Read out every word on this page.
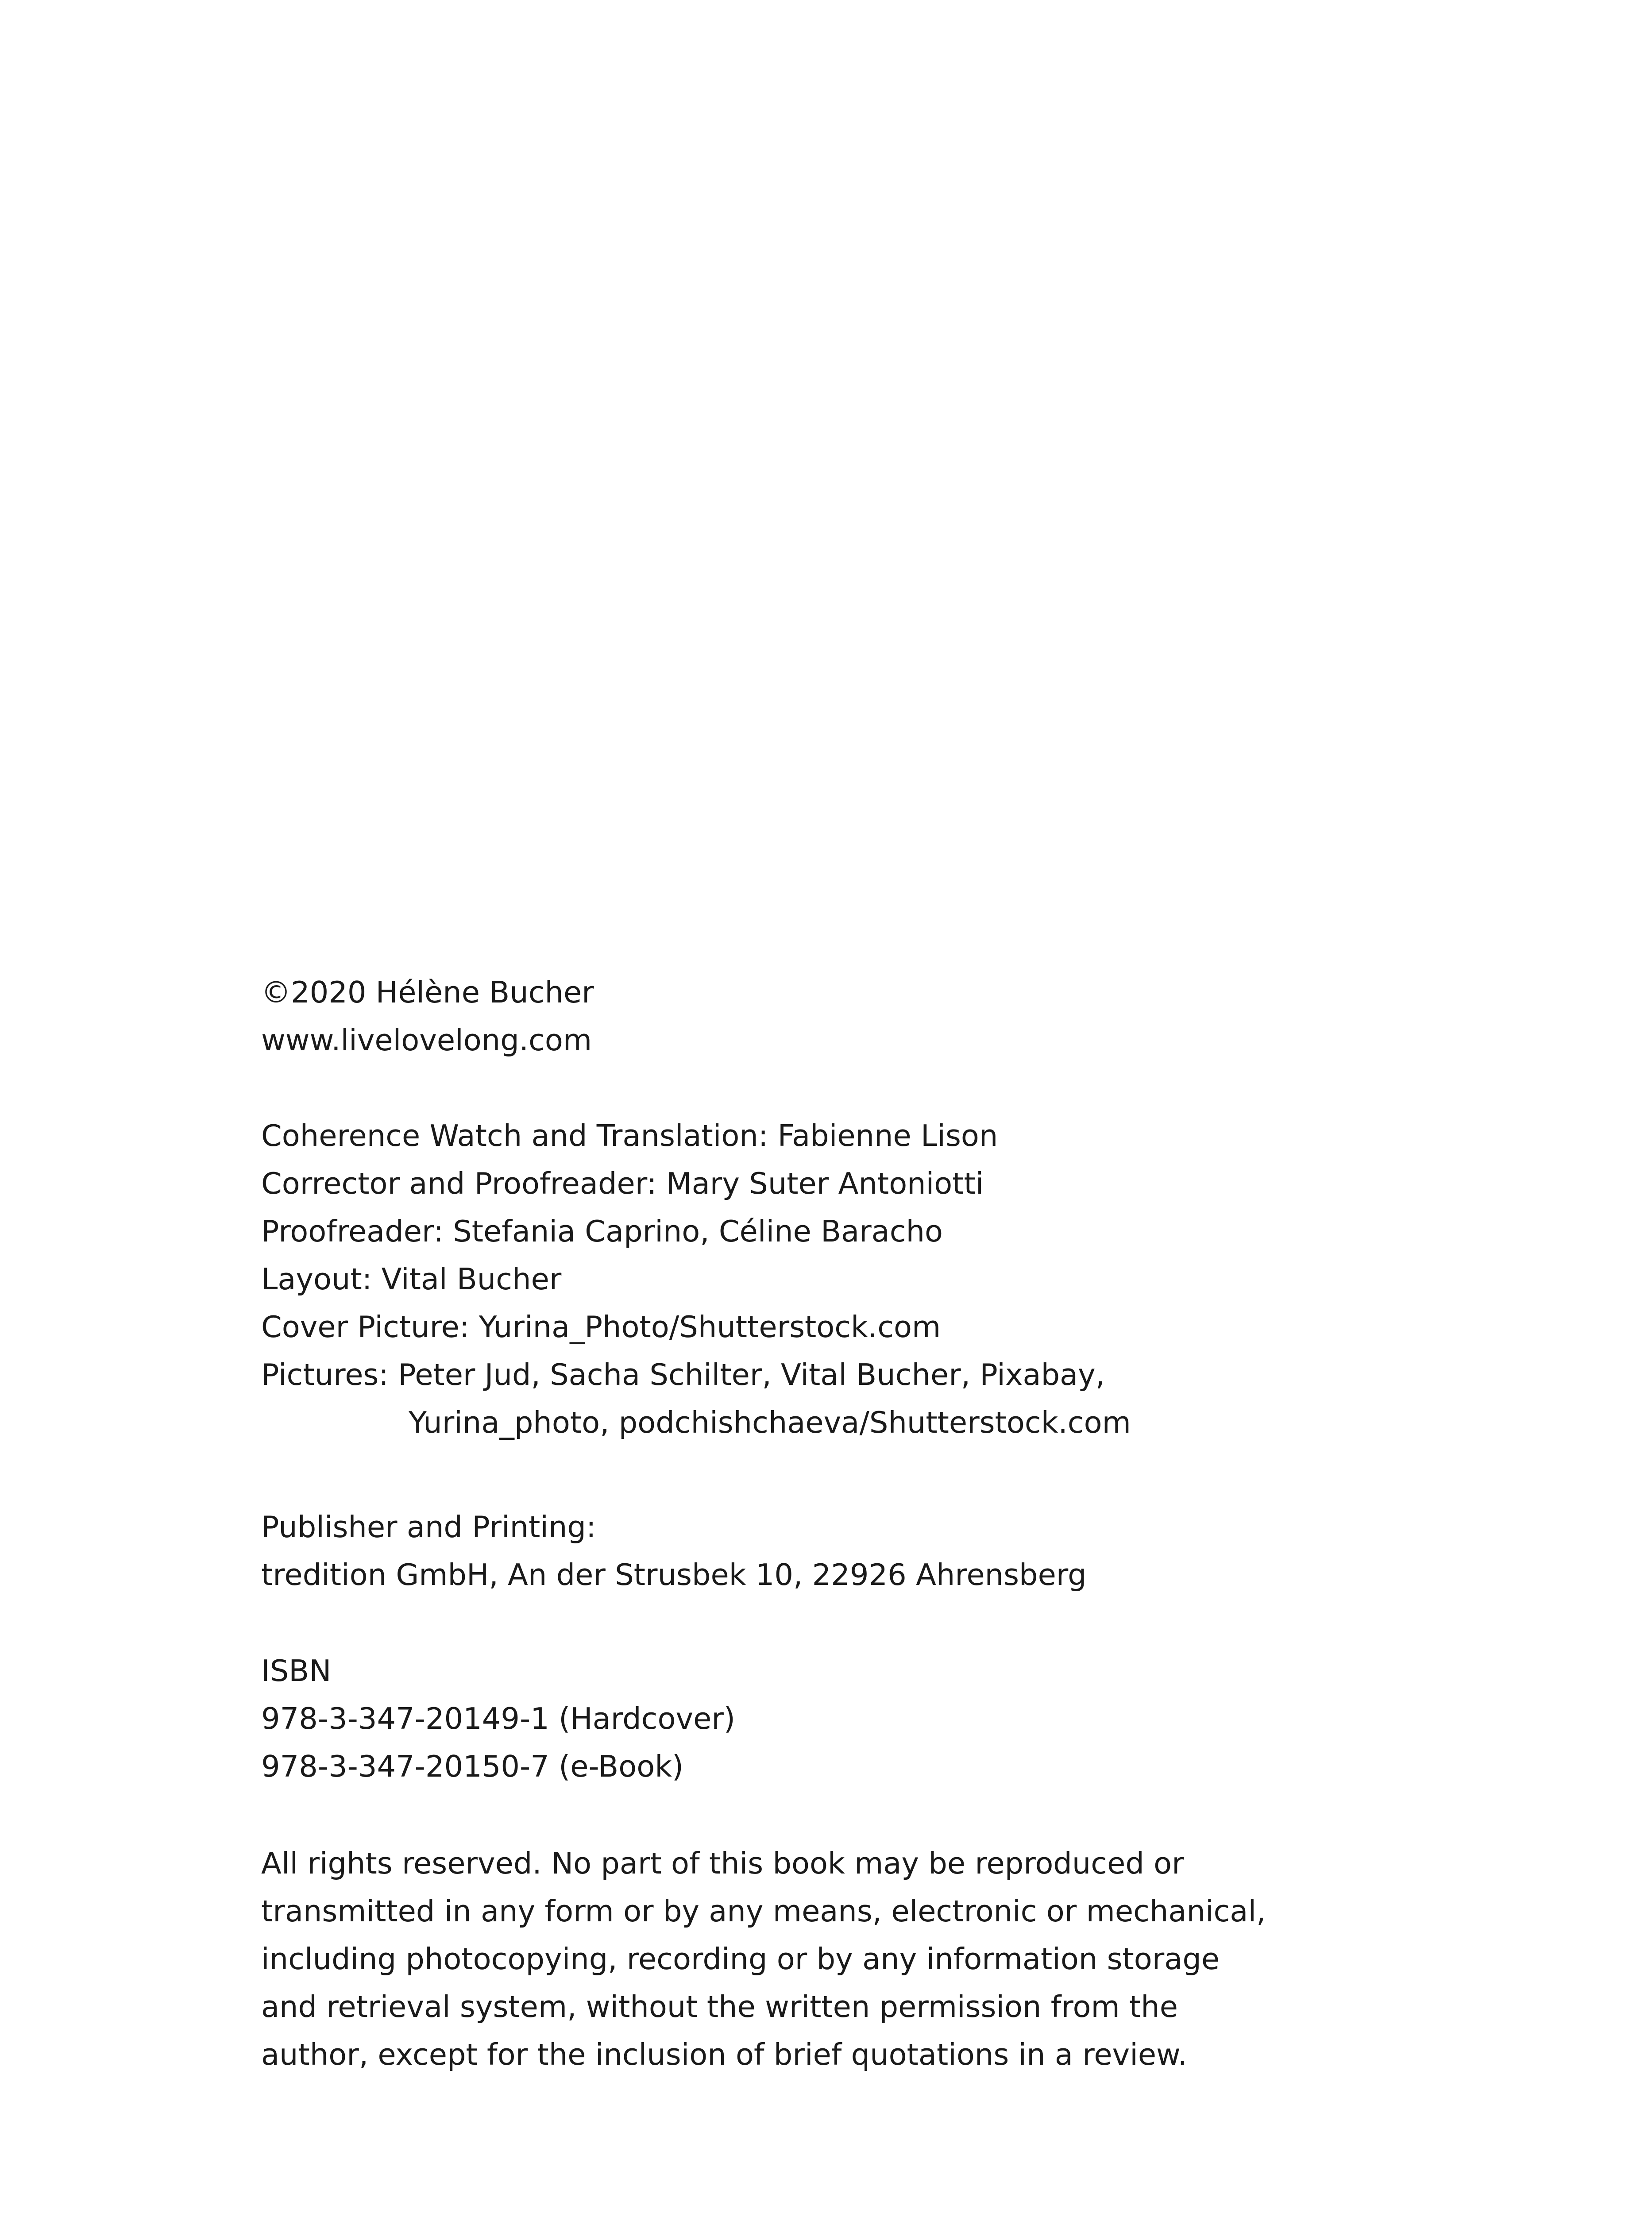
©2020 Hélène Bucher
www.livelovelong.com
Coherence Watch and Translation: Fabienne Lison
Corrector and Proofreader: Mary Suter Antoniotti
Proofreader: Stefania Caprino, Céline Baracho
Layout: Vital Bucher
Cover Picture: Yurina_Photo/Shutterstock.com
Pictures: Peter Jud, Sacha Schilter, Vital Bucher, Pixabay,
Yurina_photo, podchishchaeva/Shutterstock.com
Publisher and Printing:
tredition GmbH, An der Strusbek 10, 22926 Ahrensberg
ISBN
978-3-347-20149-1 (Hardcover)
978-3-347-20150-7 (e-Book)
All rights reserved. No part of this book may be reproduced or
transmitted in any form or by any means, electronic or mechanical,
including photocopying, recording or by any information storage
and retrieval system, without the written permission from the
author, except for the inclusion of brief quotations in a review.
